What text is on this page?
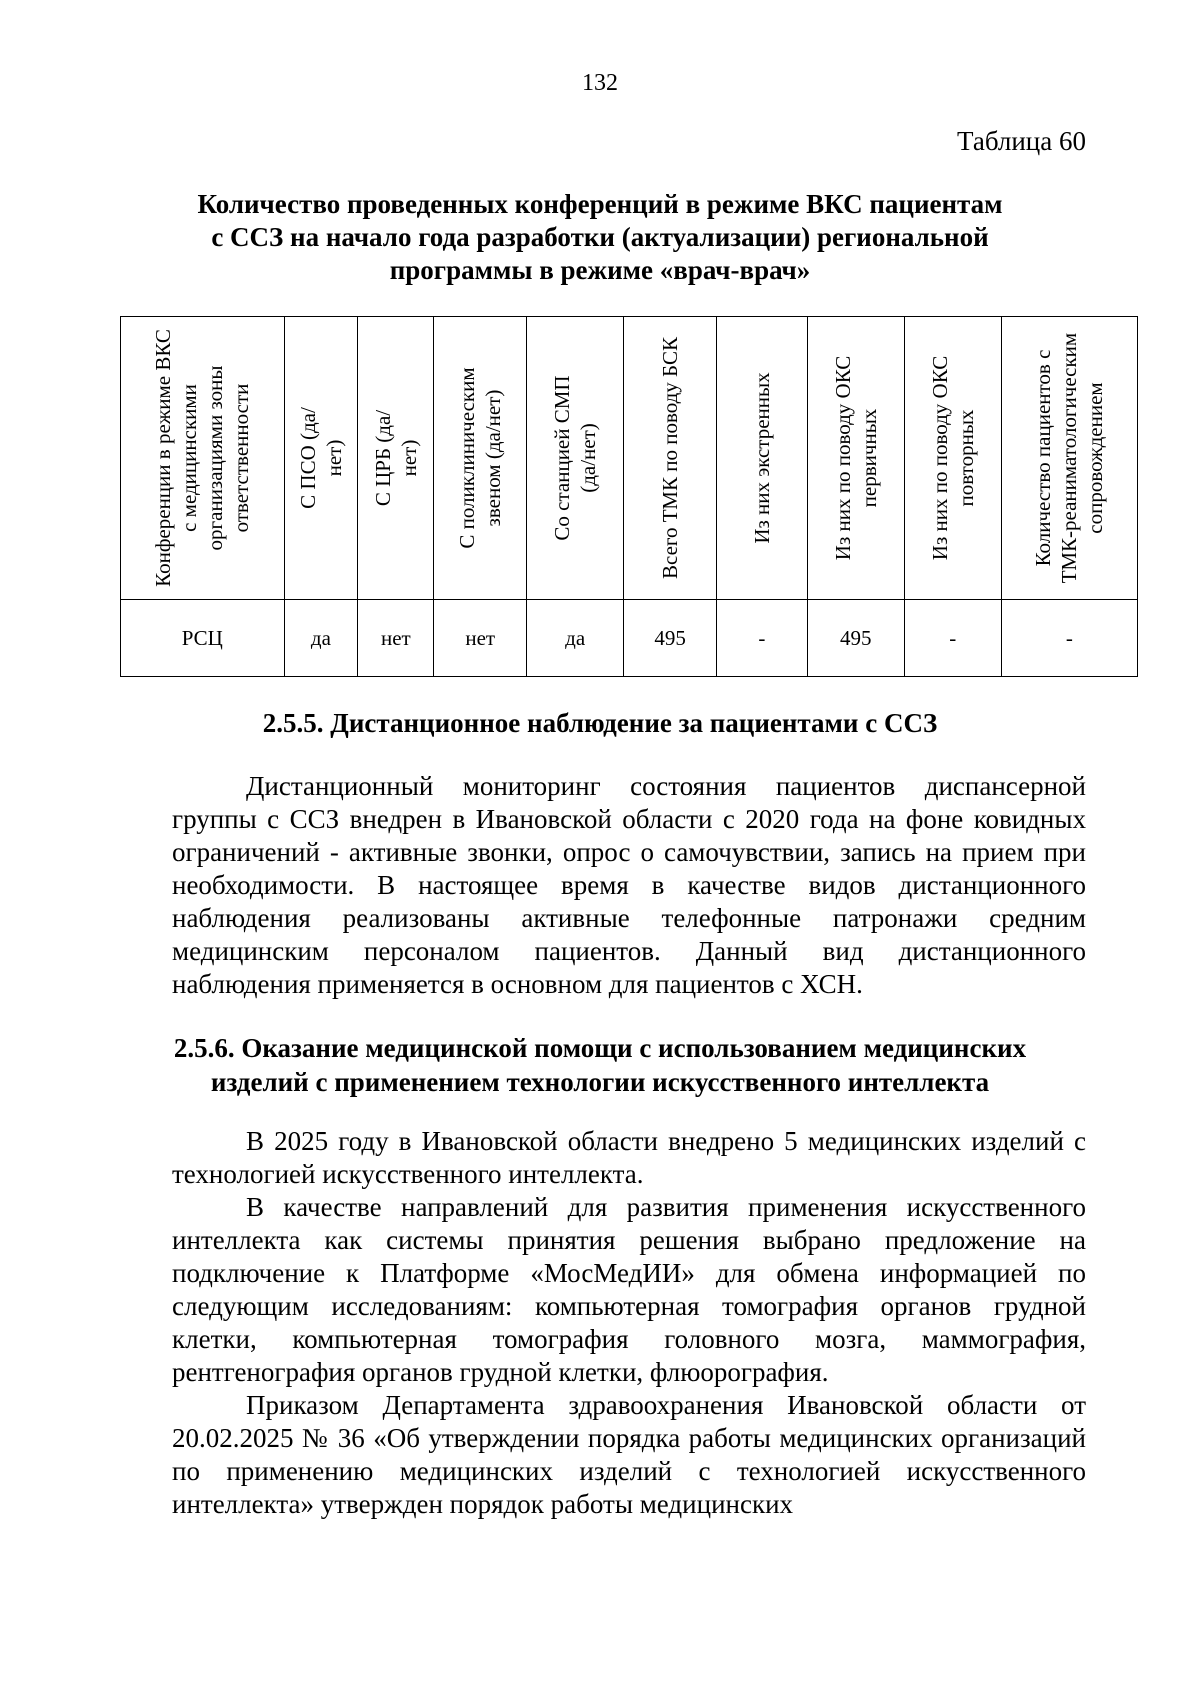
132
Таблица 60
Количество проведенных конференций в режиме ВКС пациентам
с ССЗ на начало года разработки (актуализации) региональной
программы в режиме «врач-врач»
Конференции в режиме ВКС с медицинскими организациями зоны ответственности	С ПСО (да/нет)	С ЦРБ (да/нет)	С поликлиническим звеном (да/нет)	Со станцией СМП (да/нет)	Всего ТМК по поводу БСК	Из них экстренных	Из них по поводу ОКС первичных	Из них по поводу ОКС повторных	Количество пациентов с ТМК-реаниматологическим сопровождением

РСЦ	да	нет	нет	да	495	-	495	-	-
2.5.5. Дистанционное наблюдение за пациентами с ССЗ

Дистанционный мониторинг состояния пациентов диспансерной группы с ССЗ внедрен в Ивановской области с 2020 года на фоне ковидных ограничений - активные звонки, опрос о самочувствии, запись на прием при необходимости. В настоящее время в качестве видов дистанционного наблюдения реализованы активные телефонные патронажи средним медицинским персоналом пациентов. Данный вид дистанционного наблюдения применяется в основном для пациентов с ХСН.

2.5.6. Оказание медицинской помощи с использованием медицинских
изделий с применением технологии искусственного интеллекта

В 2025 году в Ивановской области внедрено 5 медицинских изделий с технологией искусственного интеллекта.

В качестве направлений для развития применения искусственного интеллекта как системы принятия решения выбрано предложение на подключение к Платформе «МосМедИИ» для обмена информацией по следующим исследованиям: компьютерная томография органов грудной клетки, компьютерная томография головного мозга, маммография, рентгенография органов грудной клетки, флюорография.

Приказом Департамента здравоохранения Ивановской области от 20.02.2025 № 36 «Об утверждении порядка работы медицинских организаций по применению медицинских изделий с технологией искусственного интеллекта» утвержден порядок работы медицинских
